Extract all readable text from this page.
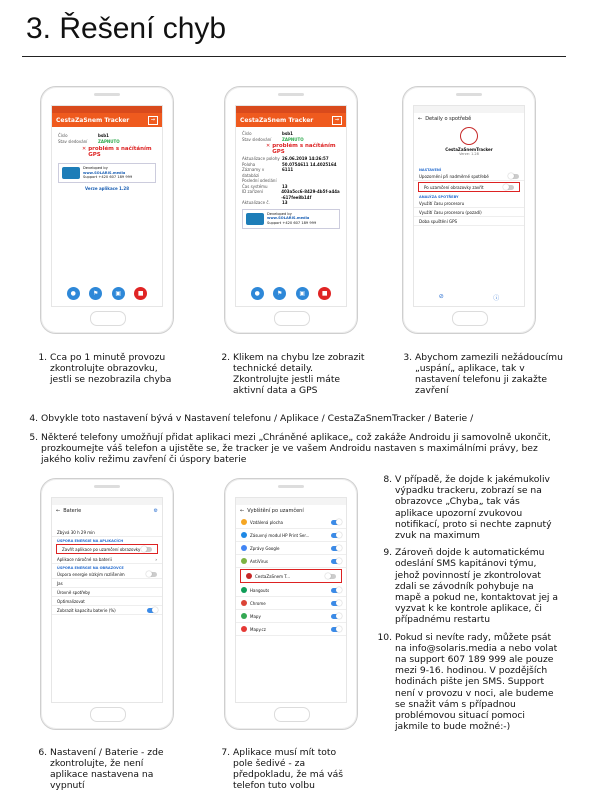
3. Řešení chyb
CestaZaSnem Tracker	→
Číslo	bsb1
Stav sledování	ZAPNUTO
✕ problém s načítáním GPS
Developed by
www.SOLARIS.media
Support +420 607 189 999
Verze aplikace 1.28
●	⚑	▣	■
CestaZaSnem Tracker	→
Číslo	bsb1
Stav sledování	ZAPNUTO
✕ problém s načítáním GPS
Aktualizace polohy 26.06.2019 14:26:57
Poloha	50.0754611 14.4025164
Záznamy v databázi
6111
Poslední odeslání
Čas systému	13
ID zařízení	403a5cc6-8429-4b5f-a44a-617fee8b14f
Aktualizace č.	13
Developed by
www.SOLARIS.media
Support +420 607 189 999
●	⚑	▣	■
← Detaily o spotřebě
CestaZaSnemTracker
Verze: 1.28
NASTAVENÍ
Upozornění při nadměrné spotřebě
Po uzamčení obrazovky zavřít
ANALÝZA SPOTŘEBY
Využití času procesoru
Využití času procesoru (pozadí)
Doba spuštění GPS
⊘	ⓘ
1. Cca po 1 minutě provozu zkontrolujte obrazovku, jestli se nezobrazila chyba
2. Klikem na chybu lze zobrazit technické detaily. Zkontrolujte jestli máte aktivní data a GPS
3. Abychom zamezili nežádoucímu „uspání„ aplikace, tak v nastavení telefonu ji zakažte zavření
4. Obvykle toto nastavení bývá v Nastavení telefonu / Aplikace / CestaZaSnemTracker / Baterie /
5. Některé telefony umožňují přidat aplikaci mezi „Chráněné aplikace„ což zakáže Androidu ji samovolně ukončit, prozkoumejte váš telefon a ujistěte se, že tracker je ve vašem Androidu nastaven s maximálními právy, bez jakého koliv režimu zavření či úspory baterie
← Baterie	⚙
Zbývá 30 h 29 min
ÚSPORA ENERGIE NA APLIKACÍCH
Zavřít aplikace po uzamčení obrazovky
Aplikace náročné na baterii	›
ÚSPORA ENERGIE NA OBRAZOVCE
Úspora energie nízkým rozlišením
Jas
Úrovně spotřeby
Optimalizovat
Zobrazit kapacitu baterie (%)
← Vyblštění po uzamčení
Vzdálená plocha
Zásuvný modul HP Print Ser...
Zprávy Google
AntiVirus
CestaZaSnem T...
Hangouts
Chrome
Mapy
Mapy.cz
6. Nastavení / Baterie - zde zkontrolujte, že není aplikace nastavena na vypnutí
7. Aplikace musí mít toto pole šedivé - za předpokladu, že má váš telefon tuto volbu
8. V případě, že dojde k jakémukoliv výpadku trackeru, zobrazí se na obrazovce „Chyba„ tak vás aplikace upozorní zvukovou notifikací, proto si nechte zapnutý zvuk na maximum
9. Zároveň dojde k automatickému odeslání SMS kapitánovi týmu, jehož povinností je zkontrolovat zdali se závodník pohybuje na mapě a pokud ne, kontaktovat jej a vyzvat k ke kontrole aplikace, či případnému restartu
10. Pokud si nevíte rady, můžete psát na info@solaris.media a nebo volat na support 607 189 999 ale pouze mezi 9-16. hodinou. V pozdějších hodinách pište jen SMS. Support není v provozu v noci, ale budeme se snažit vám s případnou problémovou situací pomoci jakmile to bude možné:-)
